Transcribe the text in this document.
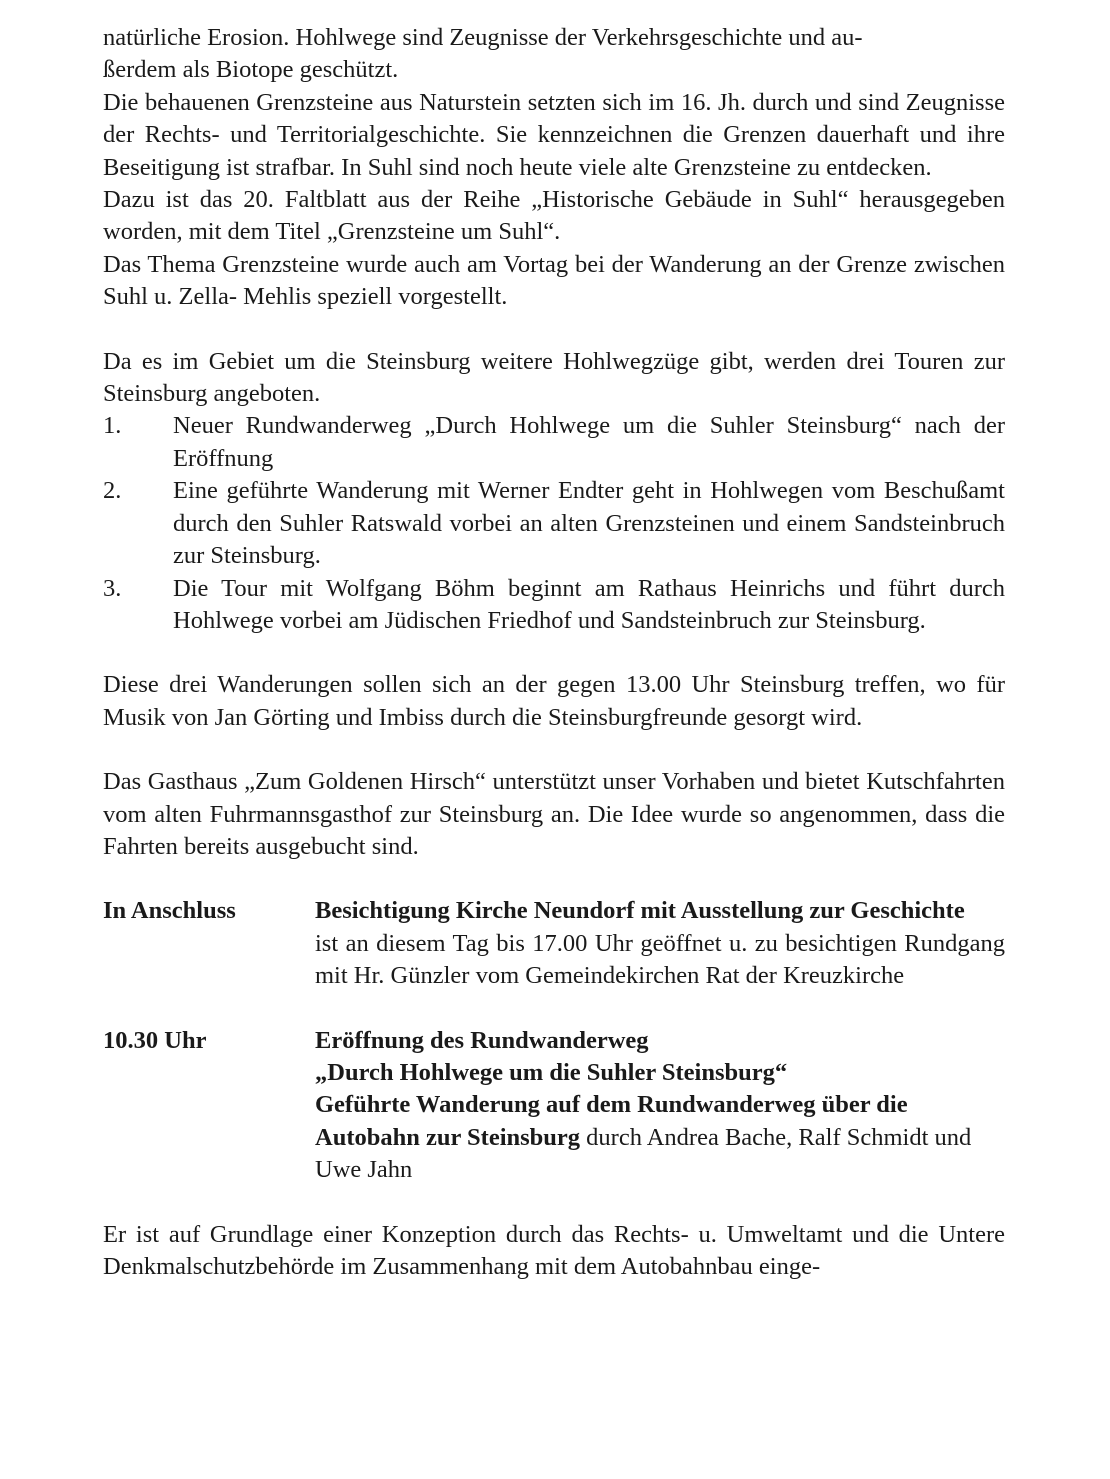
natürliche Erosion. Hohlwege sind Zeugnisse der Verkehrsgeschichte und au-
ßerdem als Biotope geschützt.

Die behauenen Grenzsteine aus Naturstein setzten sich im 16. Jh. durch und sind Zeugnisse der Rechts- und Territorialgeschichte. Sie kennzeichnen die Grenzen dauerhaft und ihre Beseitigung ist strafbar. In Suhl sind noch heute viele alte Grenzsteine zu entdecken.

Dazu ist das 20. Faltblatt aus der Reihe „Historische Gebäude in Suhl“ herausgegeben worden, mit dem Titel „Grenzsteine um Suhl“.

Das Thema Grenzsteine wurde auch am Vortag bei der Wanderung an der Grenze zwischen Suhl u. Zella- Mehlis speziell vorgestellt.

Da es im Gebiet um die Steinsburg weitere Hohlwegzüge gibt, werden drei Touren zur Steinsburg angeboten.

1.	Neuer Rundwanderweg „Durch Hohlwege um die Suhler Steinsburg“ nach der Eröffnung
2.	Eine geführte Wanderung mit Werner Endter geht in Hohlwegen vom Beschußamt durch den Suhler Ratswald vorbei an alten Grenzsteinen und einem Sandsteinbruch zur Steinsburg.
3.	Die Tour mit Wolfgang Böhm beginnt am Rathaus Heinrichs und führt durch Hohlwege vorbei am Jüdischen Friedhof und Sandsteinbruch zur Steinsburg.

Diese drei Wanderungen sollen sich an der gegen 13.00 Uhr Steinsburg treffen, wo für Musik von Jan Görting und Imbiss durch die Steinsburgfreunde gesorgt wird.

Das Gasthaus „Zum Goldenen Hirsch“ unterstützt unser Vorhaben und bietet Kutschfahrten vom alten Fuhrmannsgasthof zur Steinsburg an. Die Idee wurde so angenommen, dass die Fahrten bereits ausgebucht sind.

In Anschluss	Besichtigung Kirche Neundorf mit Ausstellung zur Geschichte
ist an diesem Tag bis 17.00 Uhr geöffnet u. zu besichtigen Rundgang mit Hr. Günzler vom Gemeindekirchen Rat der Kreuzkirche
10.30 Uhr	Eröffnung des Rundwanderweg
„Durch Hohlwege um die Suhler Steinsburg“
Geführte Wanderung auf dem Rundwanderweg über die Autobahn zur Steinsburg durch Andrea Bache, Ralf Schmidt und Uwe Jahn

Er ist auf Grundlage einer Konzeption durch das Rechts- u. Umweltamt und die Untere Denkmalschutzbehörde im Zusammenhang mit dem Autobahnbau einge-
